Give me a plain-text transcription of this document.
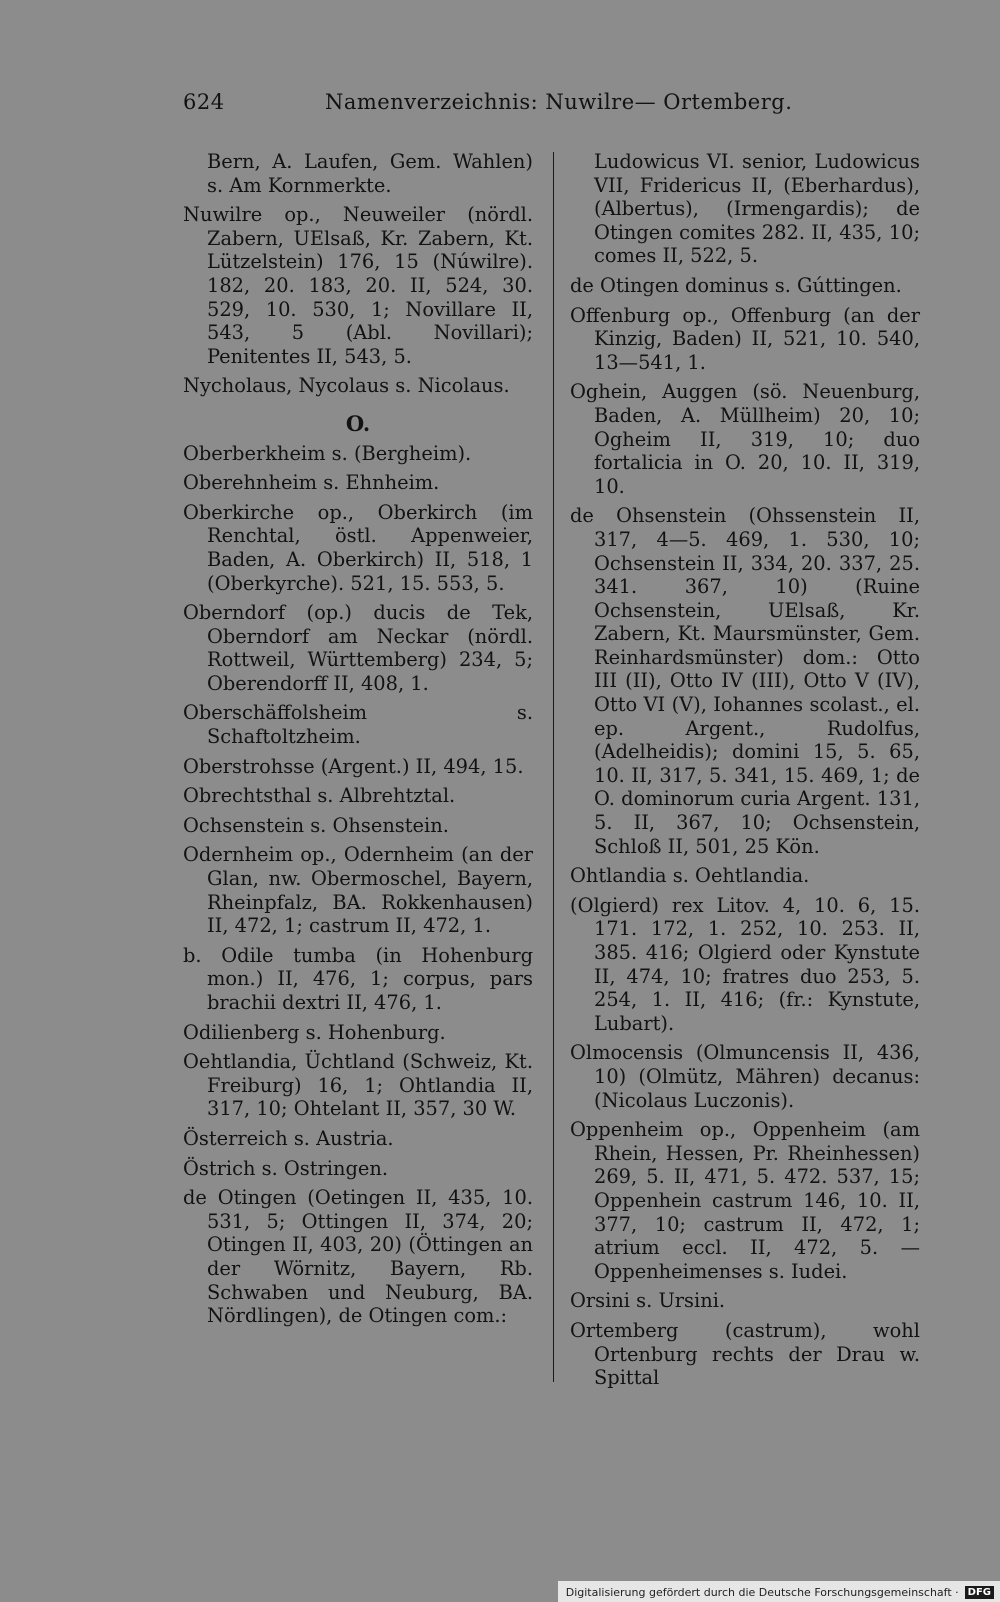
624	Namenverzeichnis: Nuwilre— Ortemberg.
Bern, A. Laufen, Gem. Wahlen) s. Am Kornmerkte.
Nuwilre op., Neuweiler (nördl. Zabern, UElsaß, Kr. Zabern, Kt. Lützelstein) 176, 15 (Núwilre). 182, 20. 183, 20. II, 524, 30. 529, 10. 530, 1; Novillare II, 543, 5 (Abl. Novillari); Penitentes II, 543, 5.
Nycholaus, Nycolaus s. Nicolaus.
O.
Oberberkheim s. (Bergheim).
Oberehnheim s. Ehnheim.
Oberkirche op., Oberkirch (im Renchtal, östl. Appenweier, Baden, A. Oberkirch) II, 518, 1 (Oberkyrche). 521, 15. 553, 5.
Oberndorf (op.) ducis de Tek, Oberndorf am Neckar (nördl. Rottweil, Württemberg) 234, 5; Oberendorff II, 408, 1.
Oberschäffolsheim s. Schaftoltzheim.
Oberstrohsse (Argent.) II, 494, 15.
Obrechtsthal s. Albrehtztal.
Ochsenstein s. Ohsenstein.
Odernheim op., Odernheim (an der Glan, nw. Obermoschel, Bayern, Rheinpfalz, BA. Rokkenhausen) II, 472, 1; castrum II, 472, 1.
b. Odile tumba (in Hohenburg mon.) II, 476, 1; corpus, pars brachii dextri II, 476, 1.
Odilienberg s. Hohenburg.
Oehtlandia, Üchtland (Schweiz, Kt. Freiburg) 16, 1; Ohtlandia II, 317, 10; Ohtelant II, 357, 30 W.
Österreich s. Austria.
Östrich s. Ostringen.
de Otingen (Oetingen II, 435, 10. 531, 5; Ottingen II, 374, 20; Otingen II, 403, 20) (Öttingen an der Wörnitz, Bayern, Rb. Schwaben und Neuburg, BA. Nördlingen), de Otingen com.:
Ludowicus VI. senior, Ludowicus VII, Fridericus II, (Eberhardus), (Albertus), (Irmengardis); de Otingen comites 282. II, 435, 10; comes II, 522, 5.
de Otingen dominus s. Gúttingen.
Offenburg op., Offenburg (an der Kinzig, Baden) II, 521, 10. 540, 13—541, 1.
Oghein, Auggen (sö. Neuenburg, Baden, A. Müllheim) 20, 10; Ogheim II, 319, 10; duo fortalicia in O. 20, 10. II, 319, 10.
de Ohsenstein (Ohssenstein II, 317, 4—5. 469, 1. 530, 10; Ochsenstein II, 334, 20. 337, 25. 341. 367, 10) (Ruine Ochsenstein, UElsaß, Kr. Zabern, Kt. Maursmünster, Gem. Reinhardsmünster) dom.: Otto III (II), Otto IV (III), Otto V (IV), Otto VI (V), Iohannes scolast., el. ep. Argent., Rudolfus, (Adelheidis); domini 15, 5. 65, 10. II, 317, 5. 341, 15. 469, 1; de O. dominorum curia Argent. 131, 5. II, 367, 10; Ochsenstein, Schloß II, 501, 25 Kön.
Ohtlandia s. Oehtlandia.
(Olgierd) rex Litov. 4, 10. 6, 15. 171. 172, 1. 252, 10. 253. II, 385. 416; Olgierd oder Kynstute II, 474, 10; fratres duo 253, 5. 254, 1. II, 416; (fr.: Kynstute, Lubart).
Olmocensis (Olmuncensis II, 436, 10) (Olmütz, Mähren) decanus: (Nicolaus Luczonis).
Oppenheim op., Oppenheim (am Rhein, Hessen, Pr. Rheinhessen) 269, 5. II, 471, 5. 472. 537, 15; Oppenhein castrum 146, 10. II, 377, 10; castrum II, 472, 1; atrium eccl. II, 472, 5. — Oppenheimenses s. Iudei.
Orsini s. Ursini.
Ortemberg (castrum), wohl Ortenburg rechts der Drau w. Spittal
Digitalisierung gefördert durch die Deutsche Forschungsgemeinschaft · DFG
